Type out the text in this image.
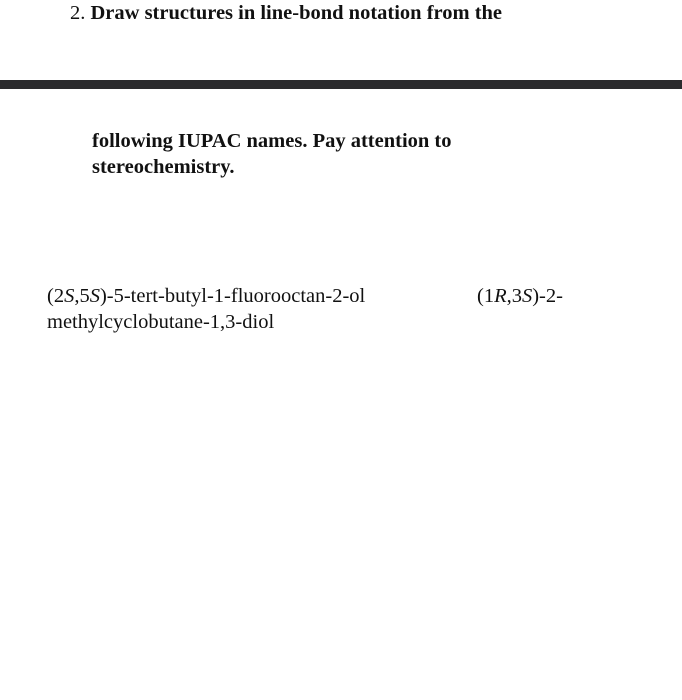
2. Draw structures in line-bond notation from the
following IUPAC names. Pay attention to
stereochemistry.
(2S,5S)-5-tert-butyl-1-fluorooctan-2-ol	(1R,3S)-2-
methylcyclobutane-1,3-diol
